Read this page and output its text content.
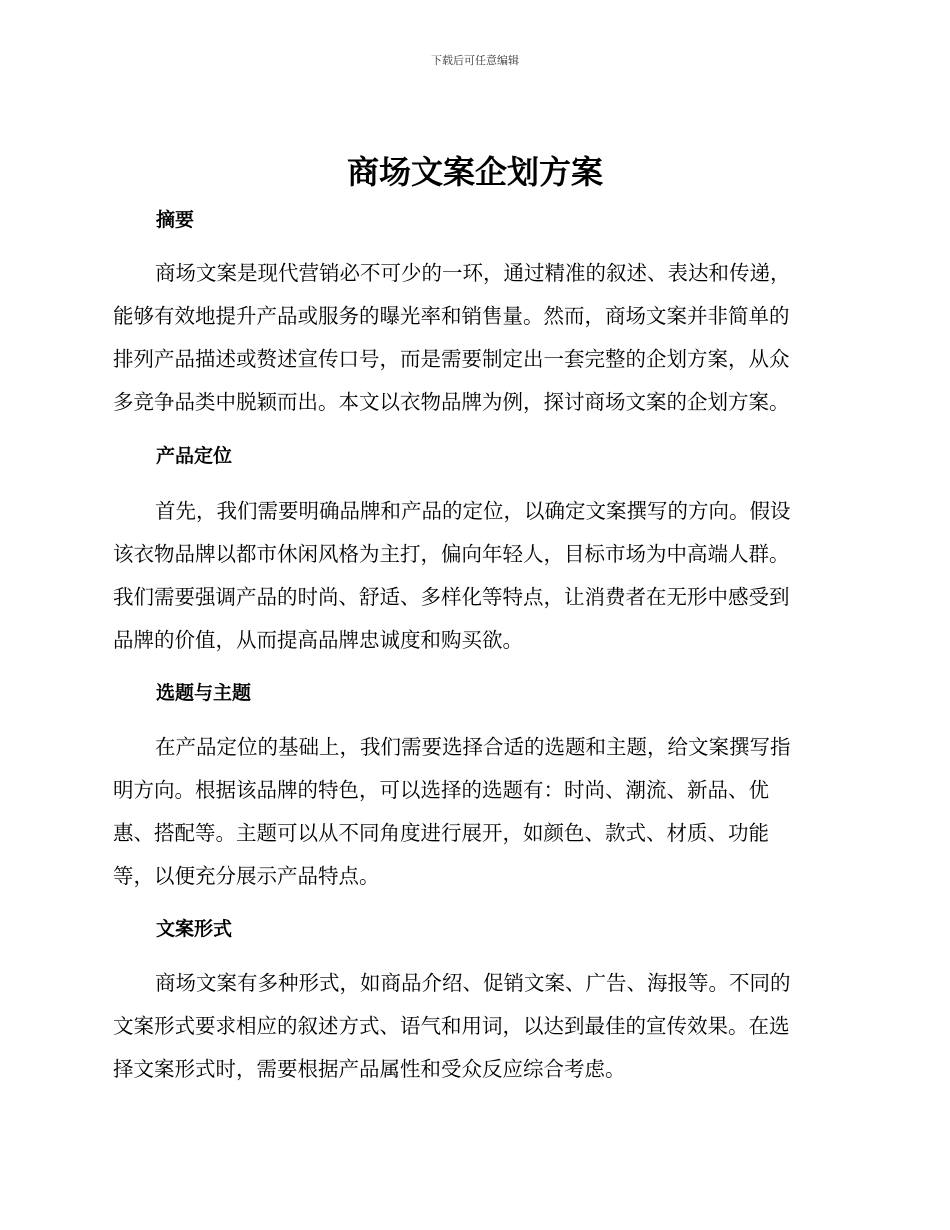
下载后可任意编辑
商场文案企划方案
摘要
商场文案是现代营销必不可少的一环，通过精准的叙述、表达和传递，
能够有效地提升产品或服务的曝光率和销售量。然而，商场文案并非简单的
排列产品描述或赘述宣传口号，而是需要制定出一套完整的企划方案，从众
多竞争品类中脱颖而出。本文以衣物品牌为例，探讨商场文案的企划方案。
产品定位
首先，我们需要明确品牌和产品的定位，以确定文案撰写的方向。假设
该衣物品牌以都市休闲风格为主打，偏向年轻人，目标市场为中高端人群。
我们需要强调产品的时尚、舒适、多样化等特点，让消费者在无形中感受到
品牌的价值，从而提高品牌忠诚度和购买欲。
选题与主题
在产品定位的基础上，我们需要选择合适的选题和主题，给文案撰写指
明方向。根据该品牌的特色，可以选择的选题有：时尚、潮流、新品、优
惠、搭配等。主题可以从不同角度进行展开，如颜色、款式、材质、功能
等，以便充分展示产品特点。
文案形式
商场文案有多种形式，如商品介绍、促销文案、广告、海报等。不同的
文案形式要求相应的叙述方式、语气和用词，以达到最佳的宣传效果。在选
择文案形式时，需要根据产品属性和受众反应综合考虑。
